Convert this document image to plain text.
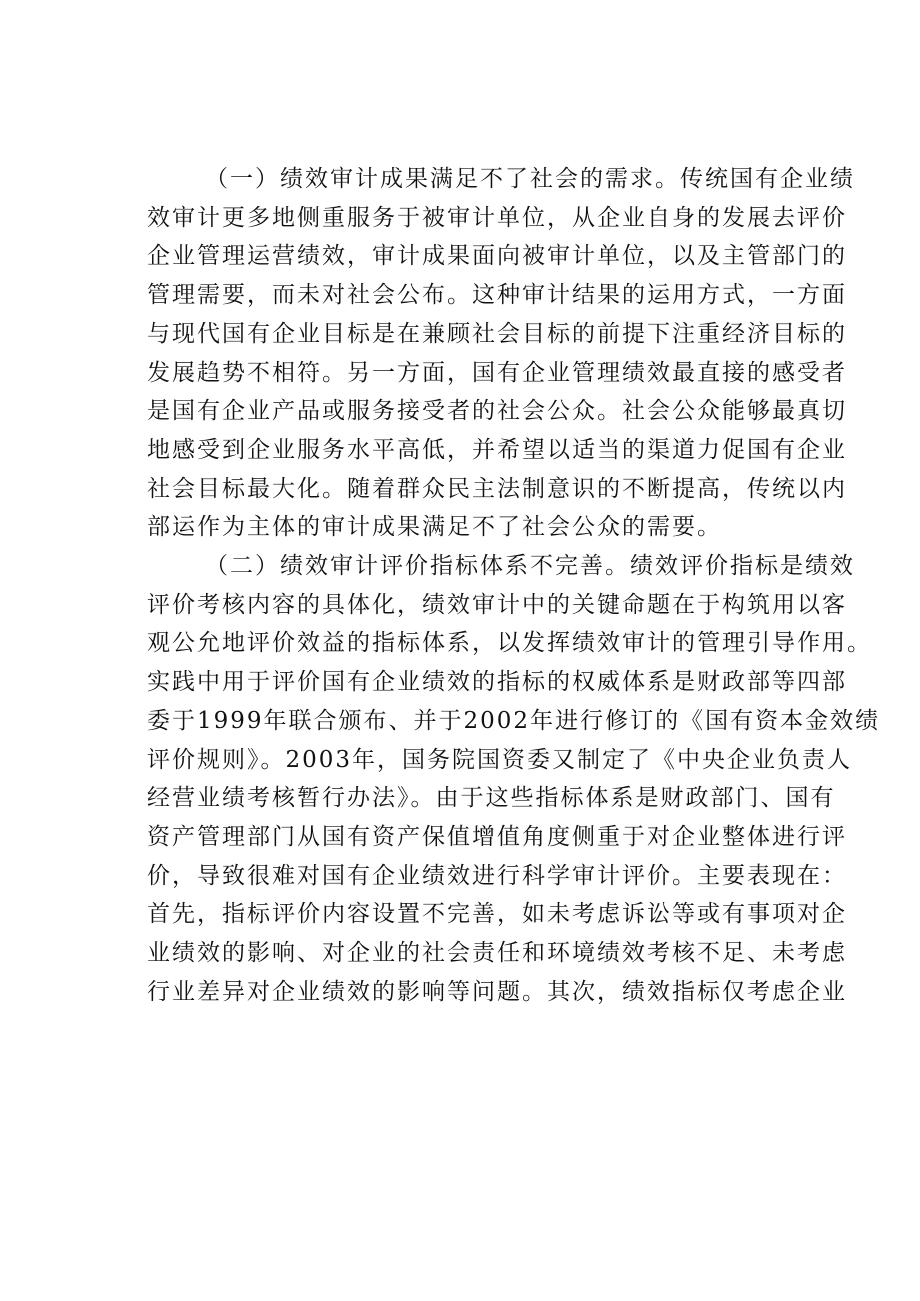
（一）绩效审计成果满足不了社会的需求。传统国有企业绩
效审计更多地侧重服务于被审计单位，从企业自身的发展去评价
企业管理运营绩效，审计成果面向被审计单位，以及主管部门的
管理需要，而未对社会公布。这种审计结果的运用方式，一方面
与现代国有企业目标是在兼顾社会目标的前提下注重经济目标的
发展趋势不相符。另一方面，国有企业管理绩效最直接的感受者
是国有企业产品或服务接受者的社会公众。社会公众能够最真切
地感受到企业服务水平高低，并希望以适当的渠道力促国有企业
社会目标最大化。随着群众民主法制意识的不断提高，传统以内
部运作为主体的审计成果满足不了社会公众的需要。
（二）绩效审计评价指标体系不完善。绩效评价指标是绩效
评价考核内容的具体化，绩效审计中的关键命题在于构筑用以客
观公允地评价效益的指标体系，以发挥绩效审计的管理引导作用。
实践中用于评价国有企业绩效的指标的权威体系是财政部等四部
委于1999年联合颁布、并于2002年进行修订的《国有资本金效绩
评价规则》。2003年，国务院国资委又制定了《中央企业负责人
经营业绩考核暂行办法》。由于这些指标体系是财政部门、国有
资产管理部门从国有资产保值增值角度侧重于对企业整体进行评
价，导致很难对国有企业绩效进行科学审计评价。主要表现在：
首先，指标评价内容设置不完善，如未考虑诉讼等或有事项对企
业绩效的影响、对企业的社会责任和环境绩效考核不足、未考虑
行业差异对企业绩效的影响等问题。其次，绩效指标仅考虑企业
